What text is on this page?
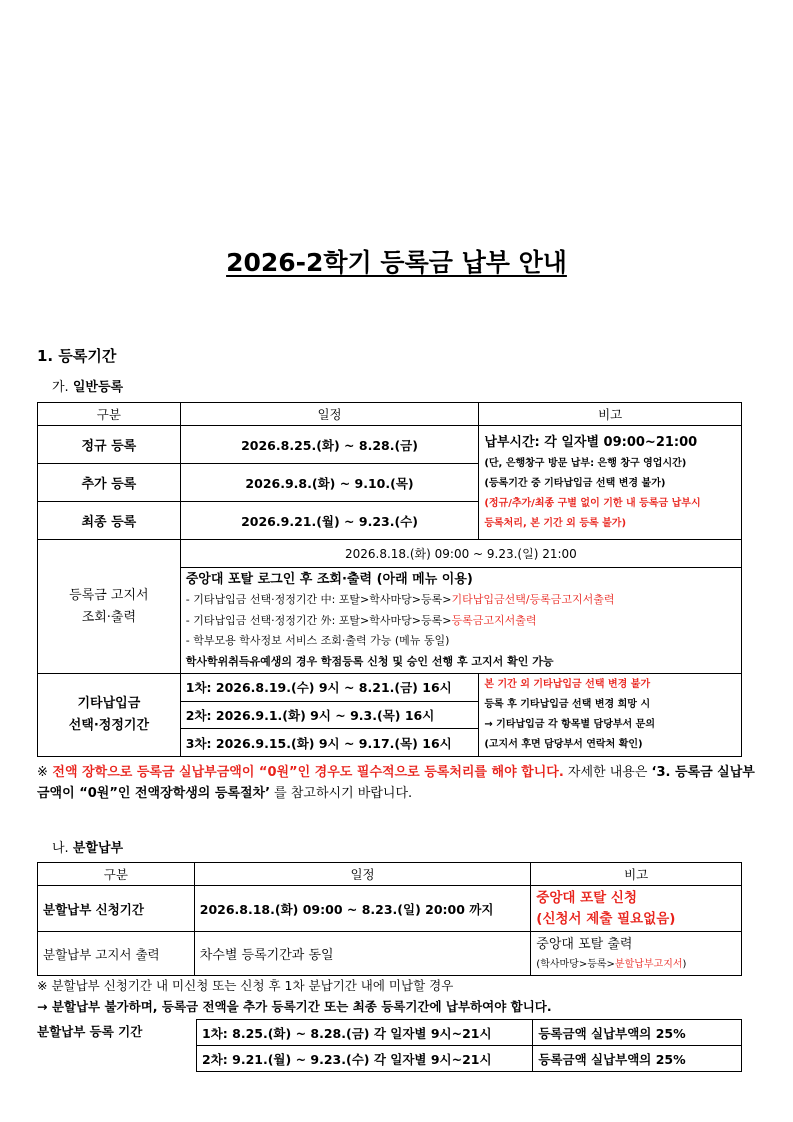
2026-2학기 등록금 납부 안내
1. 등록기간
가. 일반등록
구분	일정	비고
정규 등록	2026.8.25.(화) ~ 8.28.(금)	납부시간: 각 일자별 09:00~21:00
(단, 은행창구 방문 납부: 은행 창구 영업시간)
(등록기간 중 기타납입금 선택 변경 불가)
(정규/추가/최종 구별 없이 기한 내 등록금 납부시
등록처리, 본 기간 외 등록 불가)

추가 등록	2026.9.8.(화) ~ 9.10.(목)	
최종 등록	2026.9.21.(월) ~ 9.23.(수)	

등록금 고지서
조회·출력	2026.8.18.(화) 09:00 ~ 9.23.(일) 21:00	

	중앙대 포탈 로그인 후 조회·출력 (아래 메뉴 이용)
- 기타납입금 선택·정정기간 中: 포탈>학사마당>등록>기타납입금선택/등록금고지서출력
- 기타납입금 선택·정정기간 外: 포탈>학사마당>등록>등록금고지서출력
- 학부모용 학사정보 서비스 조회·출력 가능 (메뉴 동일)
학사학위취득유예생의 경우 학점등록 신청 및 승인 선행 후 고지서 확인 가능	

기타납입금
선택·정정기간	1차: 2026.8.19.(수) 9시 ~ 8.21.(금) 16시	본 기간 외 기타납입금 선택 변경 불가
등록 후 기타납입금 선택 변경 희망 시
→ 기타납입금 각 항목별 담당부서 문의
(고지서 후면 담당부서 연락처 확인)

	2차: 2026.9.1.(화) 9시 ~ 9.3.(목) 16시	
	3차: 2026.9.15.(화) 9시 ~ 9.17.(목) 16시	
※ 전액 장학으로 등록금 실납부금액이 “0원”인 경우도 필수적으로 등록처리를 해야 합니다. 자세한 내용은 ‘3. 등록금 실납부금액이 “0원”인 전액장학생의 등록절차’ 를 참고하시기 바랍니다.
나. 분할납부
구분	일정	비고
분할납부 신청기간	2026.8.18.(화) 09:00 ~ 8.23.(일) 20:00 까지	중앙대 포탈 신청
(신청서 제출 필요없음)

분할납부 고지서 출력	차수별 등록기간과 동일	중앙대 포탈 출력
(학사마당>등록>분할납부고지서)
※ 분할납부 신청기간 내 미신청 또는 신청 후 1차 분납기간 내에 미납할 경우
→ 분할납부 불가하며, 등록금 전액을 추가 등록기간 또는 최종 등록기간에 납부하여야 합니다.
분할납부 등록 기간	1차: 8.25.(화) ~ 8.28.(금) 각 일자별 9시~21시	등록금액 실납부액의 25%
2차: 9.21.(월) ~ 9.23.(수) 각 일자별 9시~21시	등록금액 실납부액의 25%
